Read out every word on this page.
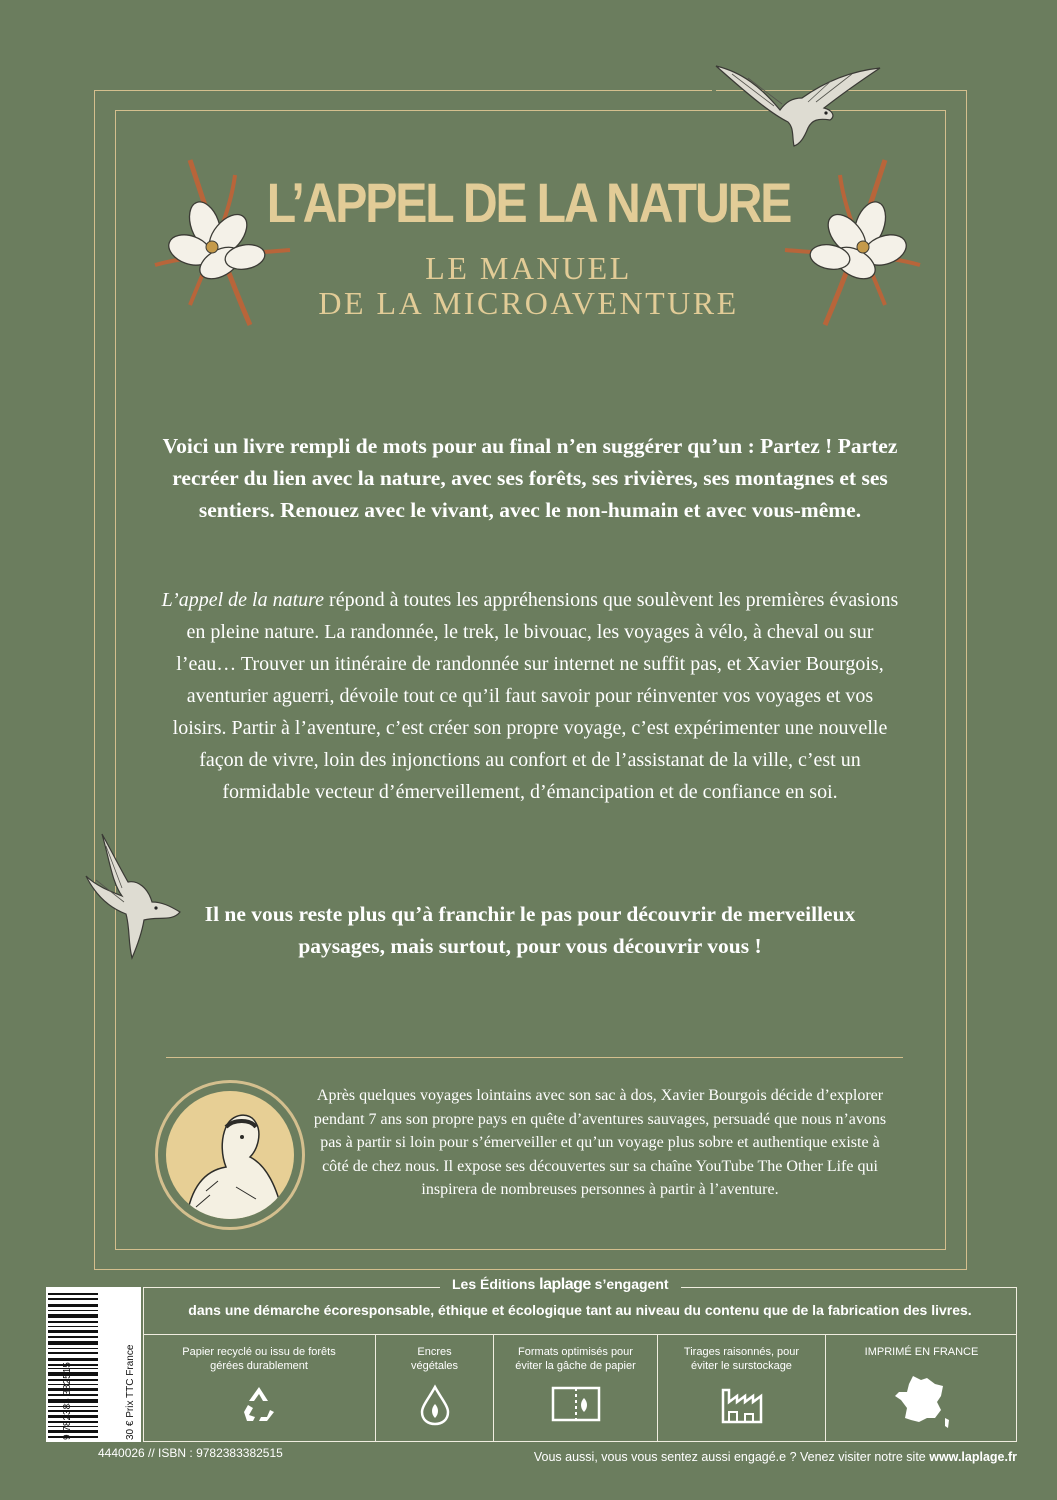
L’APPEL DE LA NATURE
LE MANUEL
DE LA MICROAVENTURE

Voici un livre rempli de mots pour au final n’en suggérer qu’un : Partez ! Partez recréer du lien avec la nature, avec ses forêts, ses rivières, ses montagnes et ses sentiers. Renouez avec le vivant, avec le non-humain et avec vous-même.

L’appel de la nature répond à toutes les appréhensions que soulèvent les premières évasions en pleine nature. La randonnée, le trek, le bivouac, les voyages à vélo, à cheval ou sur l’eau… Trouver un itinéraire de randonnée sur internet ne suffit pas, et Xavier Bourgois, aventurier aguerri, dévoile tout ce qu’il faut savoir pour réinventer vos voyages et vos loisirs. Partir à l’aventure, c’est créer son propre voyage, c’est expérimenter une nouvelle façon de vivre, loin des injonctions au confort et de l’assistanat de la ville, c’est un formidable vecteur d’émerveillement, d’émancipation et de confiance en soi.

Il ne vous reste plus qu’à franchir le pas pour découvrir de merveilleux paysages, mais surtout, pour vous découvrir vous !

Après quelques voyages lointains avec son sac à dos, Xavier Bourgois décide d’explorer pendant 7 ans son propre pays en quête d’aventures sauvages, persuadé que nous n’avons pas à partir si loin pour s’émerveiller et qu’un voyage plus sobre et authentique existe à côté de chez nous. Il expose ses découvertes sur sa chaîne YouTube The Other Life qui inspirera de nombreuses personnes à partir à l’aventure.

9 782383 382515	30 € Prix TTC France
Les Éditions laplage s’engagent

dans une démarche écoresponsable, éthique et écologique tant au niveau du contenu que de la fabrication des livres.

Papier recyclé ou issu de forêts gérées durablement
Encres végétales
Formats optimisés pour éviter la gâche de papier
Tirages raisonnés, pour éviter le surstockage
IMPRIMÉ EN FRANCE

4440026 // ISBN : 9782383382515	Vous aussi, vous vous sentez aussi engagé.e ? Venez visiter notre site www.laplage.fr
